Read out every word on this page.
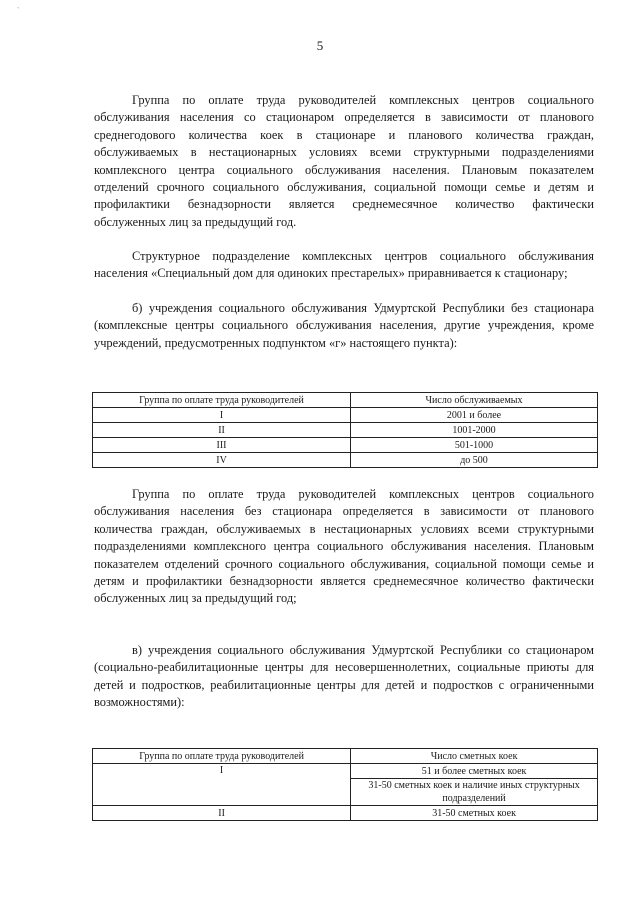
`
5

Группа по оплате труда руководителей комплексных центров социального обслуживания населения со стационаром определяется в зависимости от планового среднегодового количества коек в стационаре и планового количества граждан, обслуживаемых в нестационарных условиях всеми структурными подразделениями комплексного центра социального обслуживания населения. Плановым показателем отделений срочного социального обслуживания, социальной помощи семье и детям и профилактики безнадзорности является среднемесячное количество фактически обслуженных лиц за предыдущий год.

Структурное подразделение комплексных центров социального обслуживания населения «Специальный дом для одиноких престарелых» приравнивается к стационару;

б) учреждения социального обслуживания Удмуртской Республики без стационара (комплексные центры социального обслуживания населения, другие учреждения, кроме учреждений, предусмотренных подпунктом «г» настоящего пункта):

Группа по оплате труда руководителей	Число обслуживаемых
I	2001 и более
II	1001-2000
III	501-1000
IV	до 500

Группа по оплате труда руководителей комплексных центров социального обслуживания населения без стационара определяется в зависимости от планового количества граждан, обслуживаемых в нестационарных условиях всеми структурными подразделениями комплексного центра социального обслуживания населения. Плановым показателем отделений срочного социального обслуживания, социальной помощи семье и детям и профилактики безнадзорности является среднемесячное количество фактически обслуженных лиц за предыдущий год;

в) учреждения социального обслуживания Удмуртской Республики со стационаром (социально-реабилитационные центры для несовершеннолетних, социальные приюты для детей и подростков, реабилитационные центры для детей и подростков с ограниченными возможностями):

Группа по оплате труда руководителей	Число сметных коек
I	51 и более сметных коек
	31-50 сметных коек и наличие иных структурных подразделений
II	31-50 сметных коек
